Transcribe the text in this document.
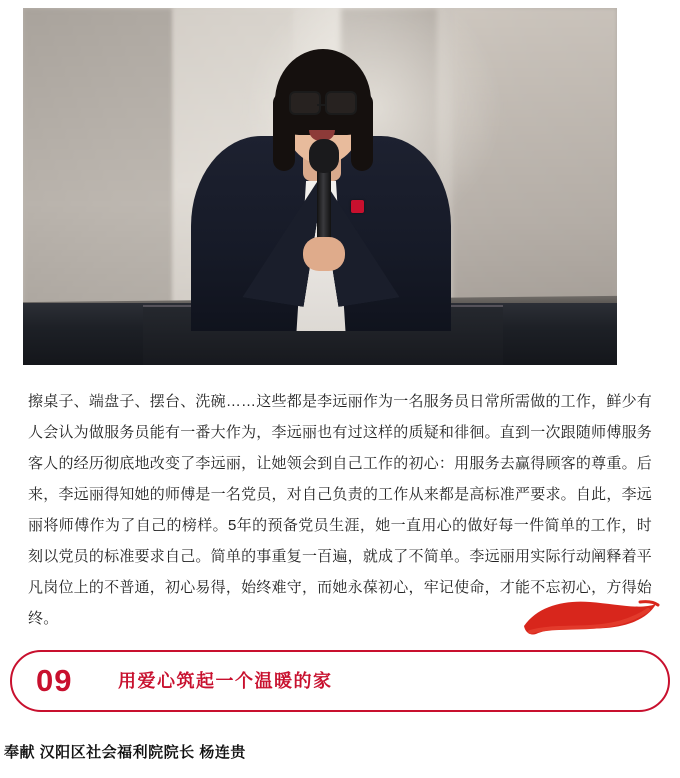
擦桌子、端盘子、摆台、洗碗……这些都是李远丽作为一名服务员日常所需做的工作，鲜少有人会认为做服务员能有一番大作为，李远丽也有过这样的质疑和徘徊。直到一次跟随师傅服务客人的经历彻底地改变了李远丽，让她领会到自己工作的初心：用服务去赢得顾客的尊重。后来，李远丽得知她的师傅是一名党员，对自己负责的工作从来都是高标准严要求。自此，李远丽将师傅作为了自己的榜样。5年的预备党员生涯，她一直用心的做好每一件简单的工作，时刻以党员的标准要求自己。简单的事重复一百遍，就成了不简单。李远丽用实际行动阐释着平凡岗位上的不普通，初心易得，始终难守，而她永葆初心，牢记使命，才能不忘初心，方得始终。

09	用爱心筑起一个温暖的家
奉献 汉阳区社会福利院院长 杨连贵
